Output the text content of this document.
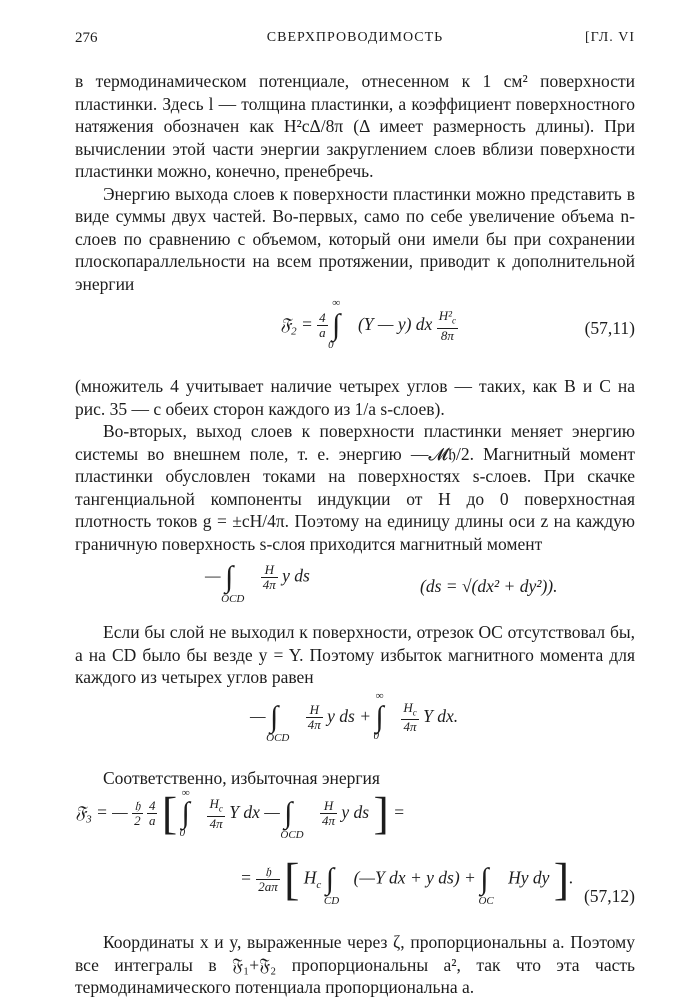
276	СВЕРХПРОВОДИМОСТЬ	[ГЛ. VI

в термодинамическом потенциале, отнесенном к 1 см² поверхности пластинки. Здесь l — толщина пластинки, а коэффициент поверхностного натяжения обозначен как H²cΔ/8π (Δ имеет размерность длины). При вычислении этой части энергии закруглением слоев вблизи поверхности пластинки можно, конечно, пренебречь.

Энергию выхода слоев к поверхности пластинки можно представить в виде суммы двух частей. Во-первых, само по себе увеличение объема n-слоев по сравнению с объемом, который они имели бы при сохранении плоскопараллельности на всем протяжении, приводит к дополнительной энергии

𝔉$_2$ = $\frac{4}{a} \int^\infty_0$ (Y — y) dx $\frac{H^2_c}{8\pi}$	(57,11)

(множитель 4 учитывает наличие четырех углов — таких, как B и C на рис. 35 — с обеих сторон каждого из 1/a s-слоев).

Во-вторых, выход слоев к поверхности пластинки меняет энергию системы во внешнем поле, т. е. энергию —𝓜𝔥/2. Магнитный момент пластинки обусловлен токами на поверхностях s-слоев. При скачке тангенциальной компоненты индукции от H до 0 поверхностная плотность токов g = ±cH/4π. Поэтому на единицу длины оси z на каждую граничную поверхность s-слоя приходится магнитный момент

— $\int_{OCD}$
$\frac{H}{4\pi}$ y ds
(ds = √(dx² + dy²)).

Если бы слой не выходил к поверхности, отрезок OC отсутствовал бы, а на CD было бы везде y = Y. Поэтому избыток магнитного момента для каждого из четырех углов равен

— $\int_{OCD}$
$\frac{H}{4\pi}$ y ds + $\int^\infty_0$
$\frac{H_c}{4\pi}$ Y dx.

Соответственно, избыточная энергия

𝔉$_3$ = — $\frac{\text{𝔥}}{2}$
$\frac{4}{a}$ [ $\int^\infty_0$
$\frac{H_c}{4\pi}$ Y dx — $\int_{OCD}$
$\frac{H}{4\pi}$ y ds ] =
= $\frac{\text{𝔥}}{2a\pi}$ [ $H_c$ $\int_{CD}$ (—Y dx + y $ds) + \int_{OC}$ Hy dy ].
(57,12)

Координаты x и y, выраженные через ζ, пропорциональны a. Поэтому все интегралы в 𝔉₁+𝔉₂ пропорциональны a², так что эта часть термодинамического потенциала пропорциональна a.
